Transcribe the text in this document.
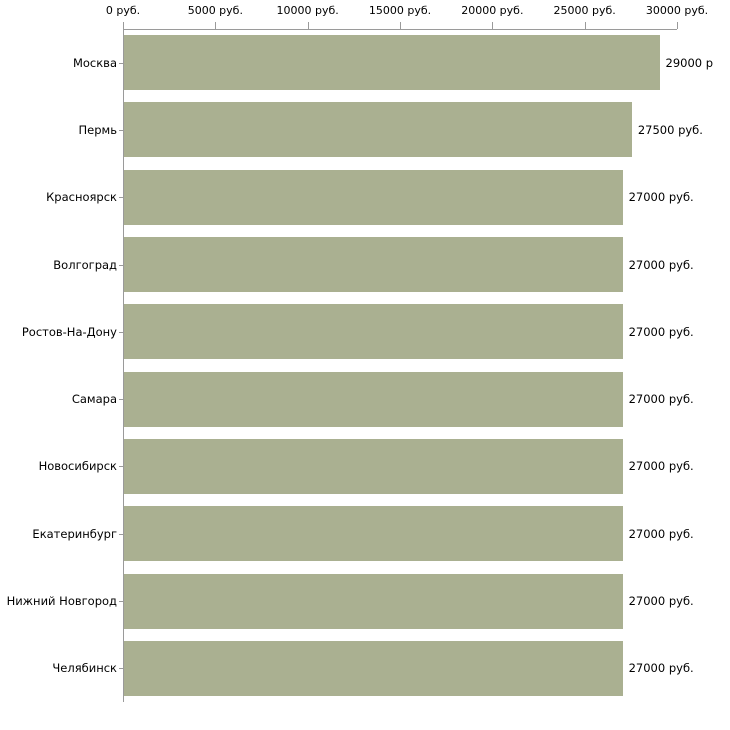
0 руб.	5000 руб.	10000 руб.	15000 руб.	20000 руб.	25000 руб.	30000 руб.
29000 р
27500 руб.
27000 руб.
27000 руб.
27000 руб.
27000 руб.
27000 руб.
27000 руб.
27000 руб.
27000 руб.
Москва
Пермь
Красноярск
Волгоград
Ростов-На-Дону
Самара
Новосибирск
Екатеринбург
Нижний Новгород
Челябинск
